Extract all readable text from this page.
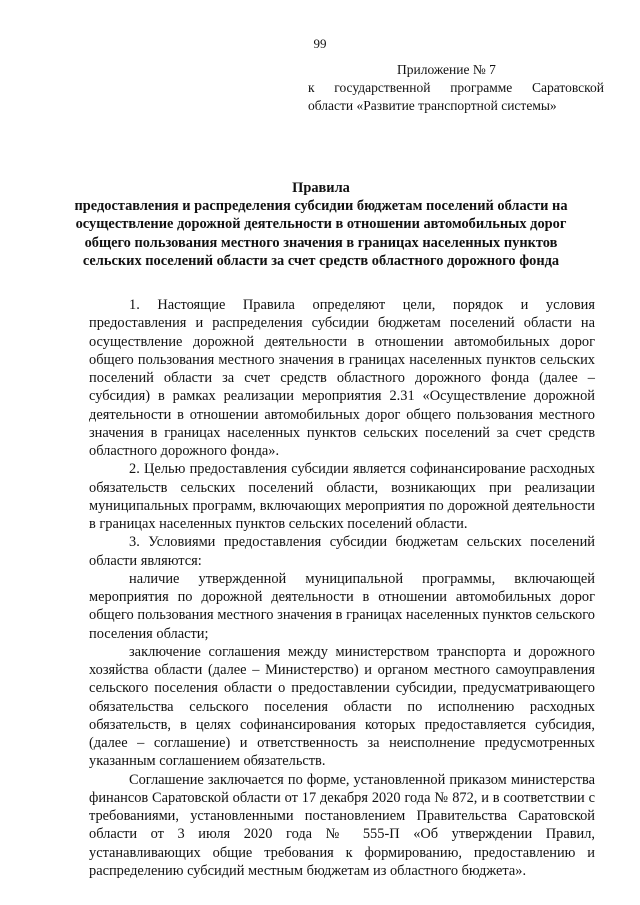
99
Приложение № 7
к государственной программе Саратовской
области «Развитие транспортной системы»
Правила
предоставления и распределения субсидии бюджетам поселений области на осуществление дорожной деятельности в отношении автомобильных дорог общего пользования местного значения в границах населенных пунктов сельских поселений области за счет средств областного дорожного фонда

1. Настоящие Правила определяют цели, порядок и условия предоставления и распределения субсидии бюджетам поселений области на осуществление дорожной деятельности в отношении автомобильных дорог общего пользования местного значения в границах населенных пунктов сельских поселений области за счет средств областного дорожного фонда (далее – субсидия) в рамках реализации мероприятия 2.31 «Осуществление дорожной деятельности в отношении автомобильных дорог общего пользования местного значения в границах населенных пунктов сельских поселений за счет средств областного дорожного фонда».

2. Целью предоставления субсидии является софинансирование расходных обязательств сельских поселений области, возникающих при реализации муниципальных программ, включающих мероприятия по дорожной деятельности в границах населенных пунктов сельских поселений области.

3. Условиями предоставления субсидии бюджетам сельских поселений области являются:

наличие утвержденной муниципальной программы, включающей мероприятия по дорожной деятельности в отношении автомобильных дорог общего пользования местного значения в границах населенных пунктов сельского поселения области;

заключение соглашения между министерством транспорта и дорожного хозяйства области (далее – Министерство) и органом местного самоуправления сельского поселения области о предоставлении субсидии, предусматривающего обязательства сельского поселения области по исполнению расходных обязательств, в целях софинансирования которых предоставляется субсидия, (далее – соглашение) и ответственность за неисполнение предусмотренных указанным соглашением обязательств.

Соглашение заключается по форме, установленной приказом министерства финансов Саратовской области от 17 декабря 2020 года № 872, и в соответствии с требованиями, установленными постановлением Правительства Саратовской области от 3 июля 2020 года № 555-П «Об утверждении Правил, устанавливающих общие требования к формированию, предоставлению и распределению субсидий местным бюджетам из областного бюджета».
